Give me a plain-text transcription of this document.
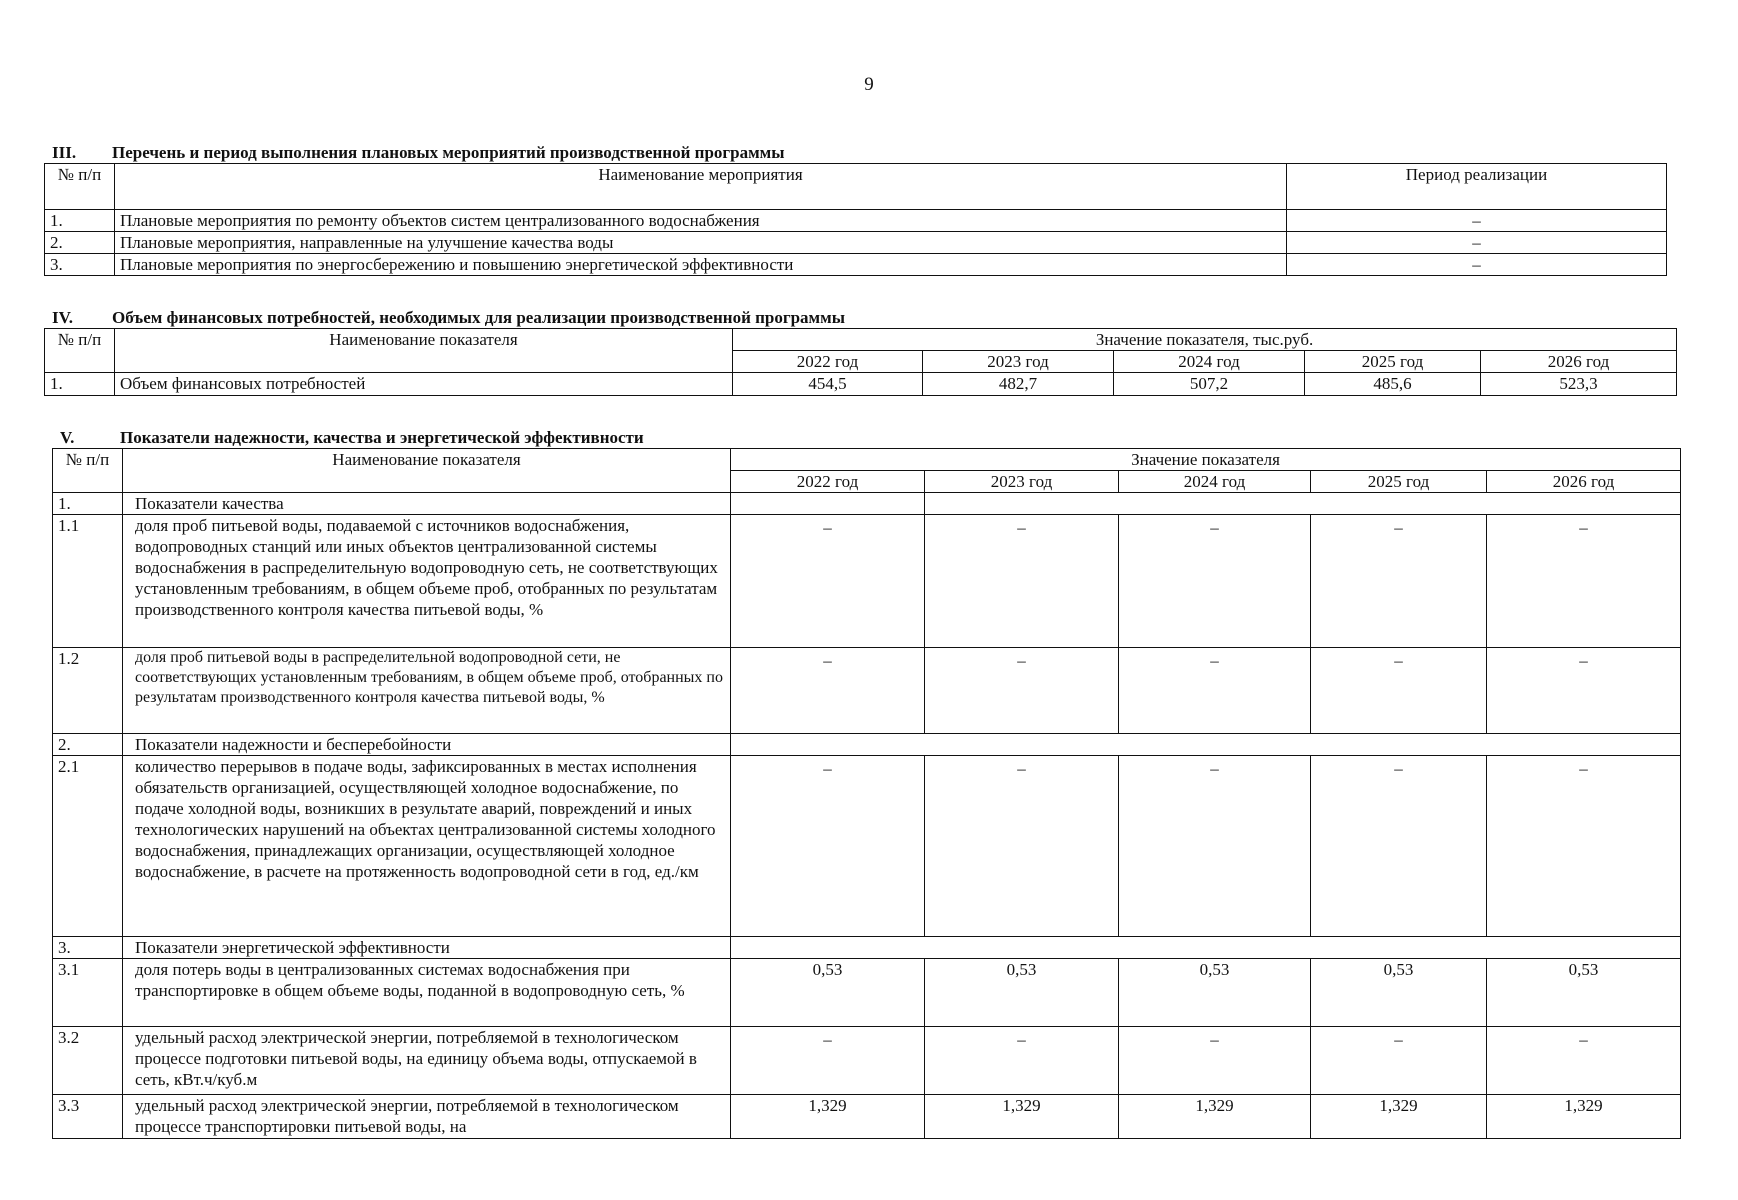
9
III. Перечень и период выполнения плановых мероприятий производственной программы
№ п/п	Наименование мероприятия	Период реализации
1.	Плановые мероприятия по ремонту объектов систем централизованного водоснабжения	–
2.	Плановые мероприятия, направленные на улучшение качества воды	–
3.	Плановые мероприятия по энергосбережению и повышению энергетической эффективности	–
IV. Объем финансовых потребностей, необходимых для реализации производственной программы
№ п/п	Наименование показателя	Значение показателя, тыс.руб.				
		2022 год	2023 год	2024 год	2025 год	2026 год
1.	Объем финансовых потребностей	454,5	482,7	507,2	485,6	523,3
V.	Показатели надежности, качества и энергетической эффективности
№ п/п	Наименование показателя	Значение показателя				
		2022 год	2023 год	2024 год	2025 год	2026 год
1.	Показатели качества					
1.1	доля проб питьевой воды, подаваемой с источников водоснабжения, водопроводных станций или иных объектов централизованной системы водоснабжения в распределительную водопроводную сеть, не соответствующих установленным требованиям, в общем объеме проб, отобранных по результатам производственного контроля качества питьевой воды, %	–	–	–	–	–
1.2	доля проб питьевой воды в распределительной водопроводной сети, не соответствующих установленным требованиям, в общем объеме проб, отобранных по результатам производственного контроля качества питьевой воды, %	–	–	–	–	–
2.	Показатели надежности и бесперебойности					
2.1	количество перерывов в подаче воды, зафиксированных в местах исполнения обязательств организацией, осуществляющей холодное водоснабжение, по подаче холодной воды, возникших в результате аварий, повреждений и иных технологических нарушений на объектах централизованной системы холодного водоснабжения, принадлежащих организации, осуществляющей холодное водоснабжение, в расчете на протяженность водопроводной сети в год, ед./км	–	–	–	–	–
3.	Показатели энергетической эффективности					
3.1	доля потерь воды в централизованных системах водоснабжения при транспортировке в общем объеме воды, поданной в водопроводную сеть, %	0,53	0,53	0,53	0,53	0,53
3.2	удельный расход электрической энергии, потребляемой в технологическом процессе подготовки питьевой воды, на единицу объема воды, отпускаемой в сеть, кВт.ч/куб.м	–	–	–	–	–
3.3	удельный расход электрической энергии, потребляемой в технологическом процессе транспортировки питьевой воды, на	1,329	1,329	1,329	1,329	1,329
